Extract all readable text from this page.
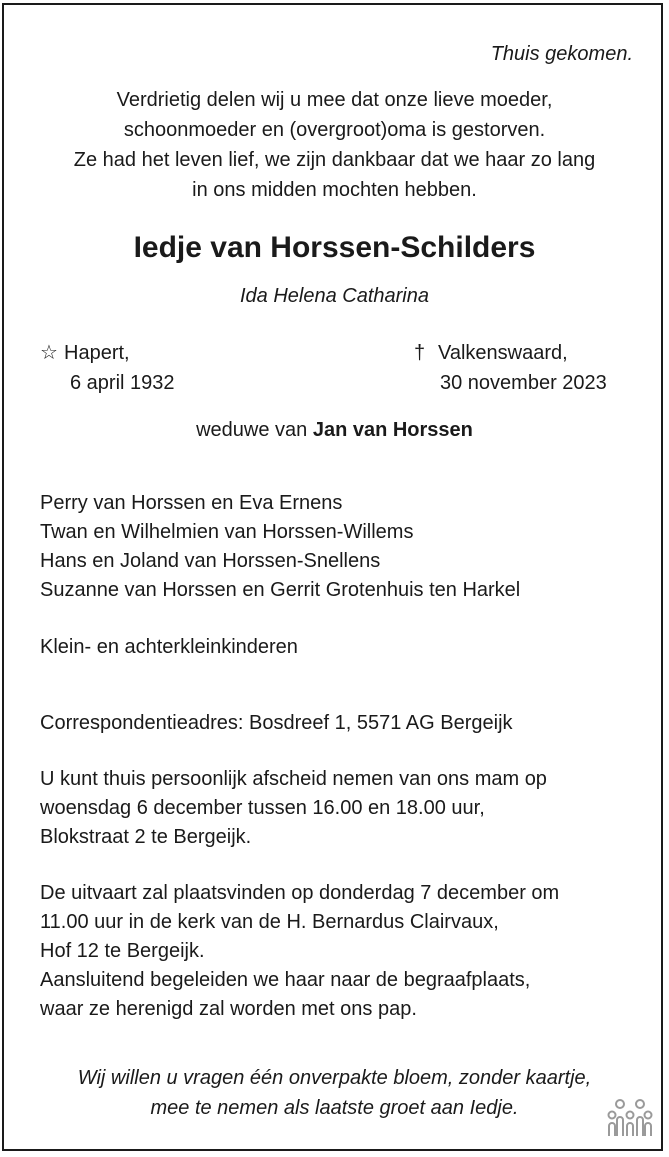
Thuis gekomen.
Verdrietig delen wij u mee dat onze lieve moeder,
schoonmoeder en (overgroot)oma is gestorven.
Ze had het leven lief, we zijn dankbaar dat we haar zo lang
in ons midden mochten hebben.
Iedje van Horssen-Schilders
Ida Helena Catharina
☆ Hapert,
6 april 1932
† Valkenswaard,
30 november 2023
weduwe van Jan van Horssen
Perry van Horssen en Eva Ernens
Twan en Wilhelmien van Horssen-Willems
Hans en Joland van Horssen-Snellens
Suzanne van Horssen en Gerrit Grotenhuis ten Harkel
Klein- en achterkleinkinderen
Correspondentieadres: Bosdreef 1, 5571 AG Bergeijk
U kunt thuis persoonlijk afscheid nemen van ons mam op
woensdag 6 december tussen 16.00 en 18.00 uur,
Blokstraat 2 te Bergeijk.
De uitvaart zal plaatsvinden op donderdag 7 december om
11.00 uur in de kerk van de H. Bernardus Clairvaux,
Hof 12 te Bergeijk.
Aansluitend begeleiden we haar naar de begraafplaats,
waar ze herenigd zal worden met ons pap.
Wij willen u vragen één onverpakte bloem, zonder kaartje,
mee te nemen als laatste groet aan Iedje.
